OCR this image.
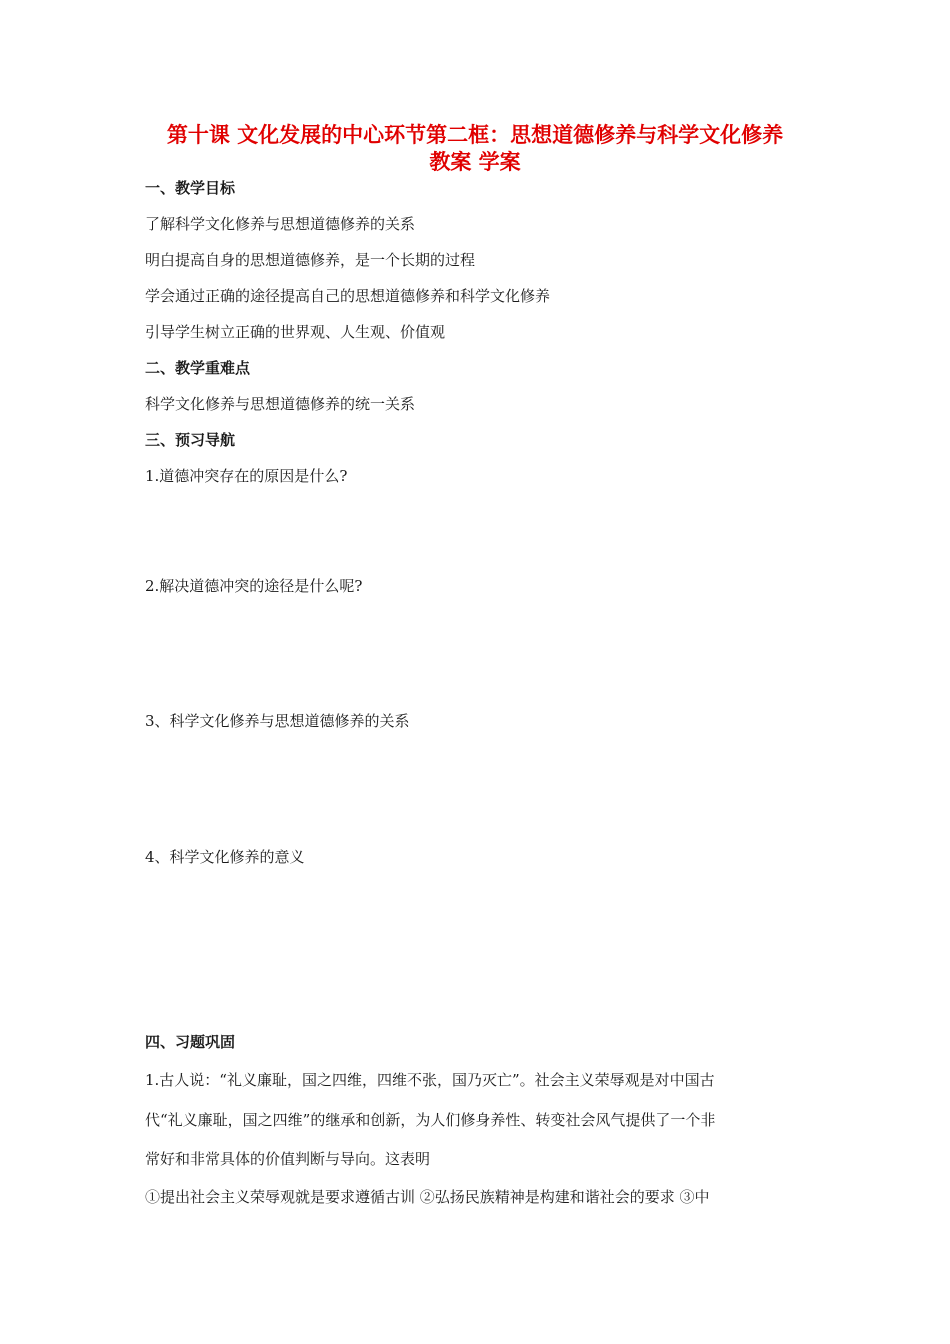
第十课 文化发展的中心环节第二框：思想道德修养与科学文化修养
教案 学案
一、教学目标
了解科学文化修养与思想道德修养的关系
明白提高自身的思想道德修养，是一个长期的过程
学会通过正确的途径提高自己的思想道德修养和科学文化修养
引导学生树立正确的世界观、人生观、价值观
二、教学重难点
科学文化修养与思想道德修养的统一关系
三、预习导航
1.道德冲突存在的原因是什么?
2.解决道德冲突的途径是什么呢?
3、科学文化修养与思想道德修养的关系
4、科学文化修养的意义
四、习题巩固
1.古人说：“礼义廉耻，国之四维，四维不张，国乃灭亡”。社会主义荣辱观是对中国古
代“礼义廉耻，国之四维”的继承和创新，为人们修身养性、转变社会风气提供了一个非
常好和非常具体的价值判断与导向。这表明
①提出社会主义荣辱观就是要求遵循古训 ②弘扬民族精神是构建和谐社会的要求 ③中
